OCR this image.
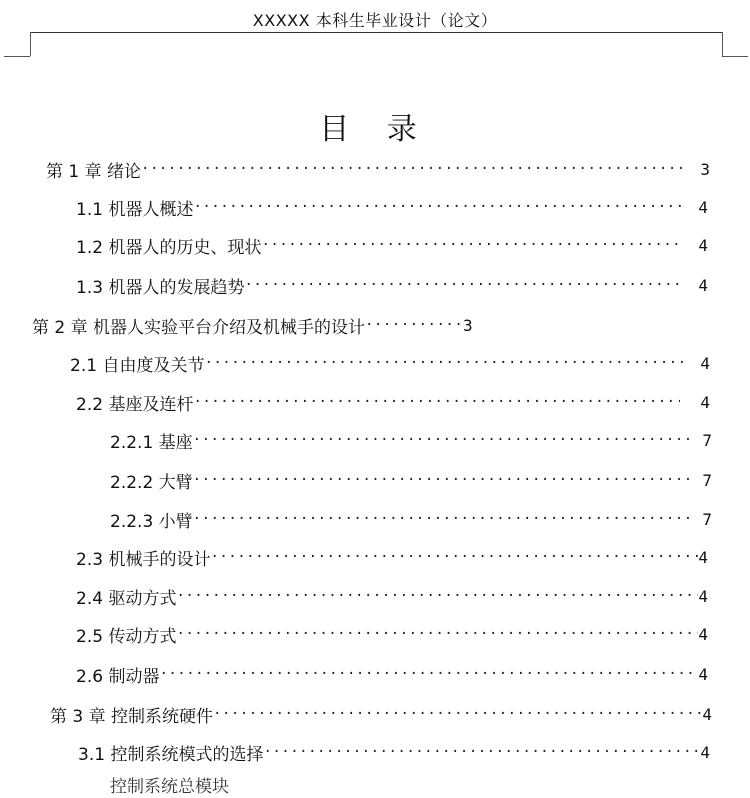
XXXXX 本科生毕业设计（论文）
目 录
第 1 章 绪论 ·····	3
1.1 机器人概述 ·····	4
1.2 机器人的历史、现状 ·····	4
1.3 机器人的发展趋势 ·····	4
第 2 章 机器人实验平台介绍及机械手的设计 ·····	3
2.1 自由度及关节 ·····	4
2.2 基座及连杆 ·····	4
2.2.1 基座 ·····	7
2.2.2 大臂 ·····	7
2.2.3 小臂 ·····	7
2.3 机械手的设计 ·····	4
2.4 驱动方式 ·····	4
2.5 传动方式 ·····	4
2.6 制动器 ·····	4
第 3 章 控制系统硬件 ·····	4
3.1 控制系统模式的选择 ·····	4
控制系统总模块
